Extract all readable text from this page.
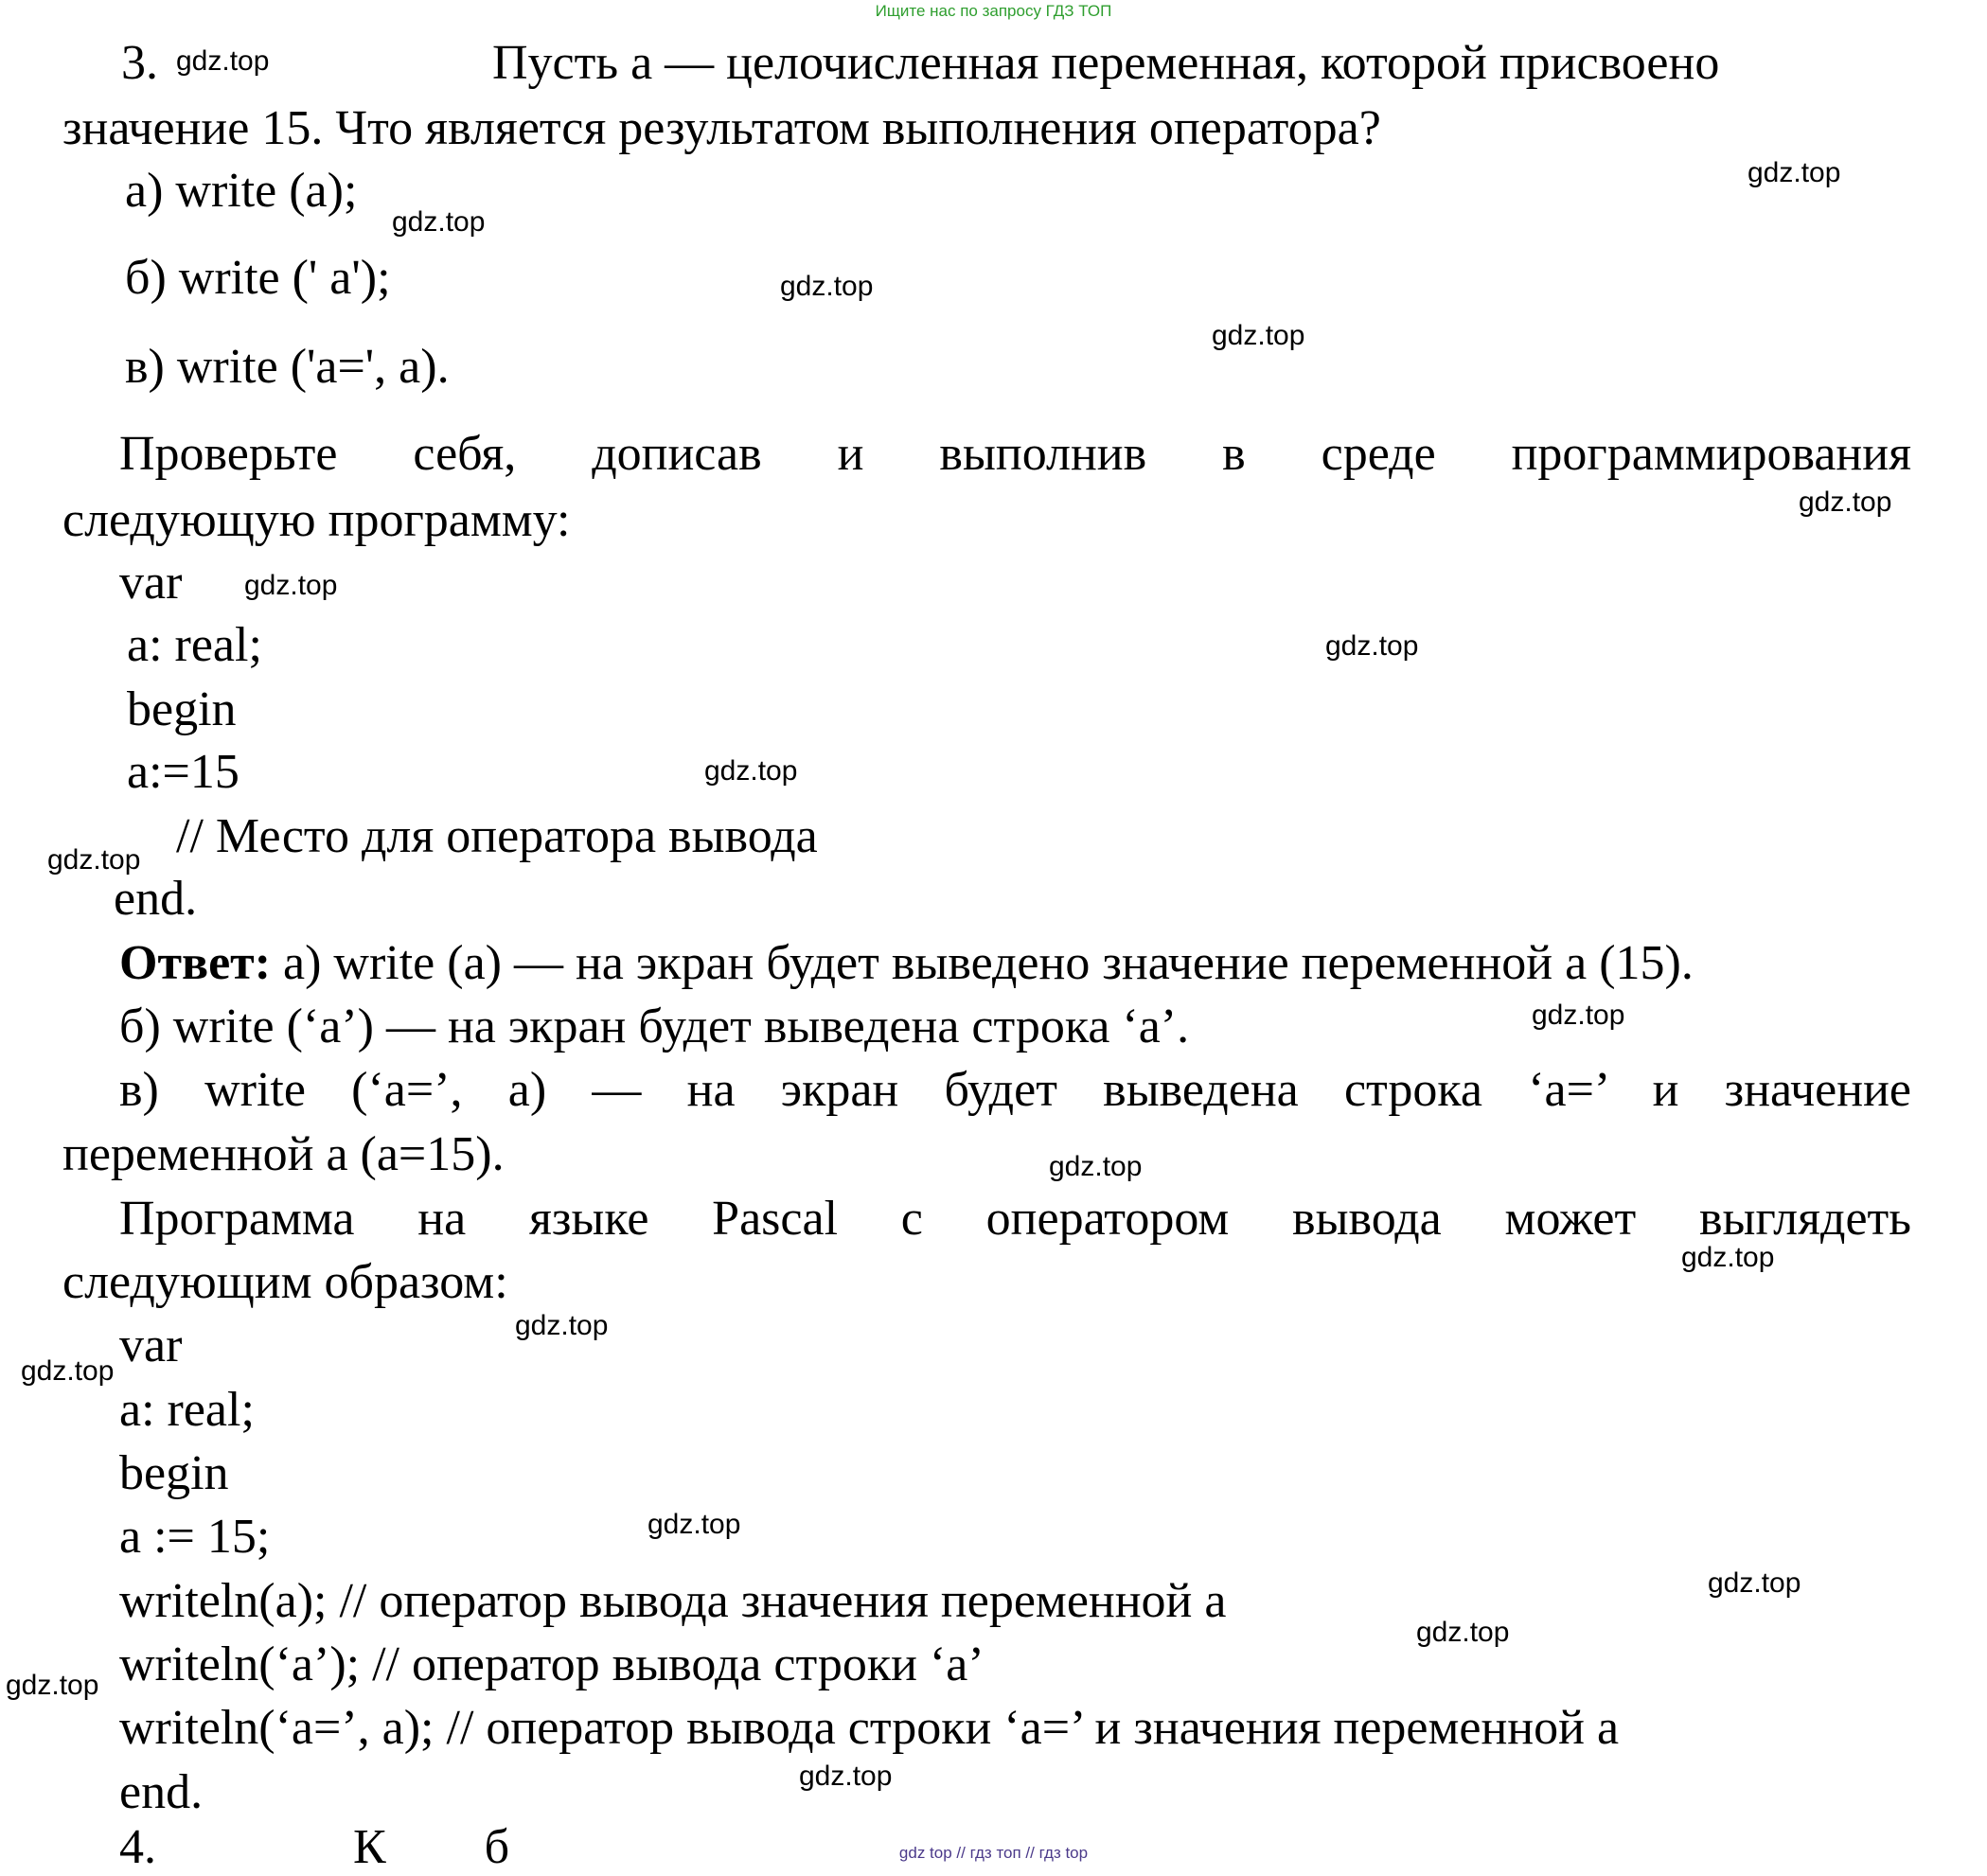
Ищите нас по запросу ГДЗ ТОП
3.	Пусть а — целочисленная переменная, которой присвоено
значение 15. Что является результатом выполнения оператора?
а) write (а);
б) write (' а');
в) write ('а=', а).
Проверьте себя, дописав и выполнив в среде программирования
следующую программу:
var
a: real;
begin
a:=15
// Место для оператора вывода
end.
Ответ: а) write (a) — на экран будет выведено значение переменной а (15).
б) write (‘a’) — на экран будет выведена строка ‘a’.
в) write (‘a=’, a) — на экран будет выведена строка ‘a=’ и значение
переменной a (a=15).
Программа на языке Pascal с оператором вывода может выглядеть
следующим образом:
var
a: real;
begin
a := 15;
writeln(a); // оператор вывода значения переменной a
writeln(‘a’); // оператор вывода строки ‘a’
writeln(‘a=’, a); // оператор вывода строки ‘a=’ и значения переменной a
end.
4.                К        б	gdz top // гдз топ // гдз top
gdz.top
gdz.top
gdz.top
gdz.top
gdz.top
gdz.top
gdz.top
gdz.top
gdz.top
gdz.top
gdz.top
gdz.top
gdz.top
gdz.top
gdz.top
gdz.top
gdz.top
gdz.top
gdz.top
gdz.top
